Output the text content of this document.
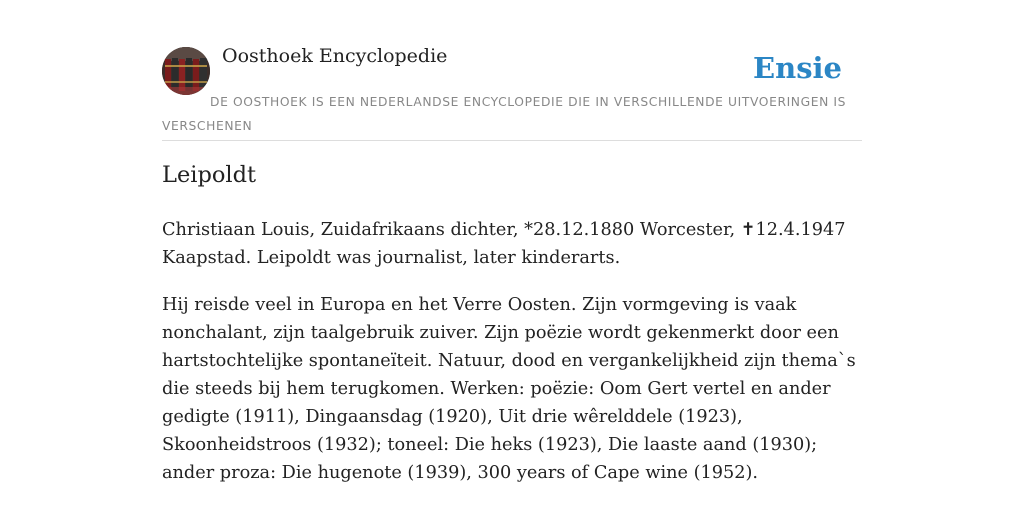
Oosthoek Encyclopedie	Ensie
DE OOSTHOEK IS EEN NEDERLANDSE ENCYCLOPEDIE DIE IN VERSCHILLENDE UITVOERINGEN IS VERSCHENEN
Leipoldt

Christiaan Louis, Zuidafrikaans dichter, *28.12.1880 Worcester, ✝12.4.1947 Kaapstad. Leipoldt was journalist, later kinderarts.

Hij reisde veel in Europa en het Verre Oosten. Zijn vormgeving is vaak nonchalant, zijn taalgebruik zuiver. Zijn poëzie wordt gekenmerkt door een hartstochtelijke spontaneïteit. Natuur, dood en vergankelijkheid zijn thema`s die steeds bij hem terugkomen. Werken: poëzie: Oom Gert vertel en ander gedigte (1911), Dingaansdag (1920), Uit drie wêrelddele (1923), Skoonheidstroos (1932); toneel: Die heks (1923), Die laaste aand (1930); ander proza: Die hugenote (1939), 300 years of Cape wine (1952).
